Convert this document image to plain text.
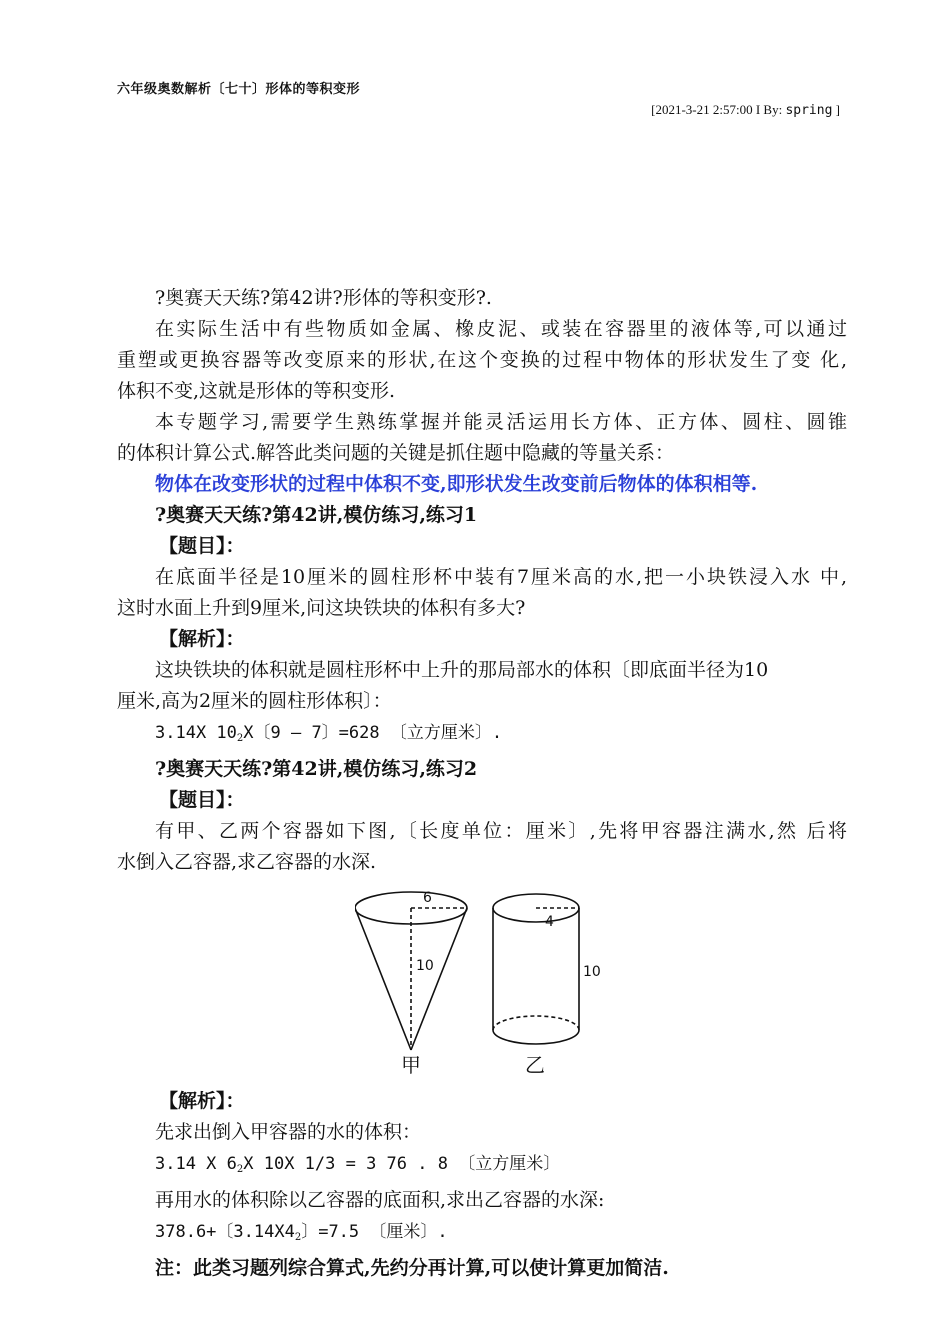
六年级奥数解析〔七十〕形体的等积变形
[2021-3-21 2:57:00 I By: spring ]

?奥赛天天练?第42讲?形体的等积变形?.

在实际生活中有些物质如金属、橡皮泥、或装在容器里的液体等,可以通过

重塑或更换容器等改变原来的形状,在这个变换的过程中物体的形状发生了变 化,

体积不变,这就是形体的等积变形.

本专题学习,需要学生熟练掌握并能灵活运用长方体、正方体、圆柱、圆锥

的体积计算公式.解答此类问题的关键是抓住题中隐藏的等量关系：

物体在改变形状的过程中体积不变,即形状发生改变前后物体的体积相等.

?奥赛天天练?第42讲,模仿练习,练习1

【题目】：

在底面半径是10厘米的圆柱形杯中装有7厘米高的水,把一小块铁浸入水 中,

这时水面上升到9厘米,问这块铁块的体积有多大?

【解析】：

这块铁块的体积就是圆柱形杯中上升的那局部水的体积〔即底面半径为10

厘米,高为2厘米的圆柱形体积〕：

3.14X $10_2X$〔9 — 7〕=628 〔立方厘米〕.

?奥赛天天练?第42讲,模仿练习,练习2

【题目】：

有甲、乙两个容器如下图,〔长度单位：厘米〕,先将甲容器注满水,然 后将

水倒入乙容器,求乙容器的水深.

6
10
4
10
甲	乙

【解析】：

先求出倒入甲容器的水的体积：

3.14 X $6_2X$ 10X 1/3 = 3 76 . 8 〔立方厘米〕

再用水的体积除以乙容器的底面积,求出乙容器的水深:

378.6+〔$3.14X4_2$〕=7.5 〔厘米〕.

注：此类习题列综合算式,先约分再计算,可以使计算更加简洁.
